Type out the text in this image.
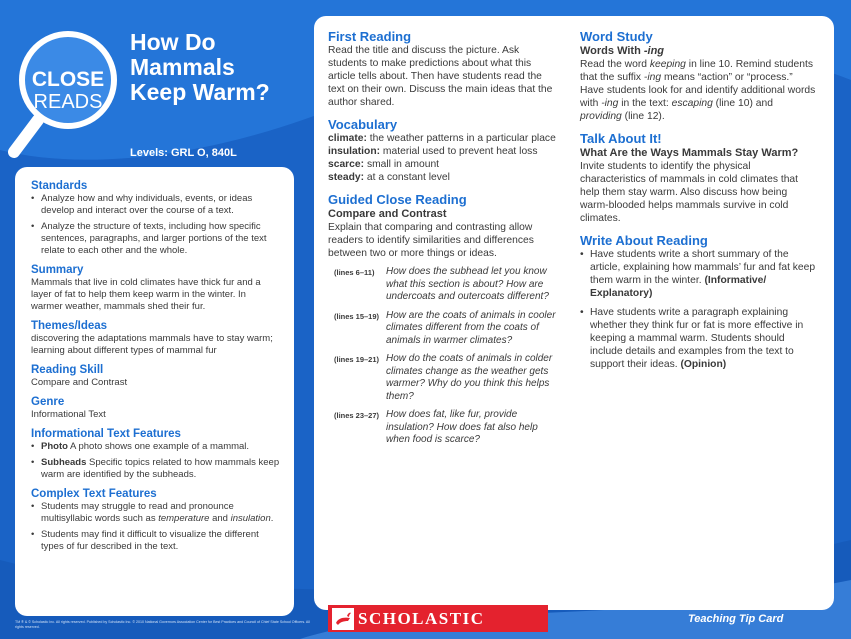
CLOSE
READS
How Do
Mammals
Keep Warm?
Levels: GRL O, 840L
Standards
• Analyze how and why individuals, events, or ideas develop and interact over the course of a text.
• Analyze the structure of texts, including how specific sentences, paragraphs, and larger portions of the text relate to each other and the whole.
Summary

Mammals that live in cold climates have thick fur and a layer of fat to help them keep warm in the winter. In warmer weather, mammals shed their fur.

Themes/Ideas

discovering the adaptations mammals have to stay warm; learning about different types of mammal fur

Reading Skill

Compare and Contrast

Genre

Informational Text

Informational Text Features
• Photo A photo shows one example of a mammal.
• Subheads Specific topics related to how mammals keep warm are identified by the subheads.
Complex Text Features
• Students may struggle to read and pronounce multisyllabic words such as temperature and insulation.
• Students may find it difficult to visualize the different types of fur described in the text.
TM ® & © Scholastic Inc. All rights reserved. Published by Scholastic Inc. © 2010 National Governors Association Center for Best Practices and Council of Chief State School Officers. All rights reserved.
First Reading

Read the title and discuss the picture. Ask students to make predictions about what this article tells about. Then have students read the text on their own. Discuss the main ideas that the author shared.

Vocabulary

climate: the weather patterns in a particular place

insulation: material used to prevent heat loss

scarce: small in amount

steady: at a constant level

Guided Close Reading
Compare and Contrast

Explain that comparing and contrasting allow readers to identify similarities and differences between two or more things or ideas.

(lines 6–11)	How does the subhead let you know what this section is about? How are undercoats and outercoats different?
(lines 15–19) How are the coats of animals in cooler climates different from the coats of animals in warmer climates?
(lines 19–21) How do the coats of animals in colder climates change as the weather gets warmer? Why do you think this helps them?
(lines 23–27) How does fat, like fur, provide insulation? How does fat also help when food is scarce?
Word Study
Words With -ing

Read the word keeping in line 10. Remind students that the suffix -ing means “action” or “process.” Have students look for and identify additional words with -ing in the text: escaping (line 10) and providing (line 12).

Talk About It!
What Are the Ways Mammals Stay Warm?

Invite students to identify the physical characteristics of mammals in cold climates that help them stay warm. Also discuss how being warm-blooded helps mammals survive in cold climates.

Write About Reading
• Have students write a short summary of the article, explaining how mammals’ fur and fat keep them warm in the winter. (Informative/ Explanatory)
• Have students write a paragraph explaining whether they think fur or fat is more effective in keeping a mammal warm. Students should include details and examples from the text to support their ideas. (Opinion)
SCHOLASTIC	Teaching Tip Card
